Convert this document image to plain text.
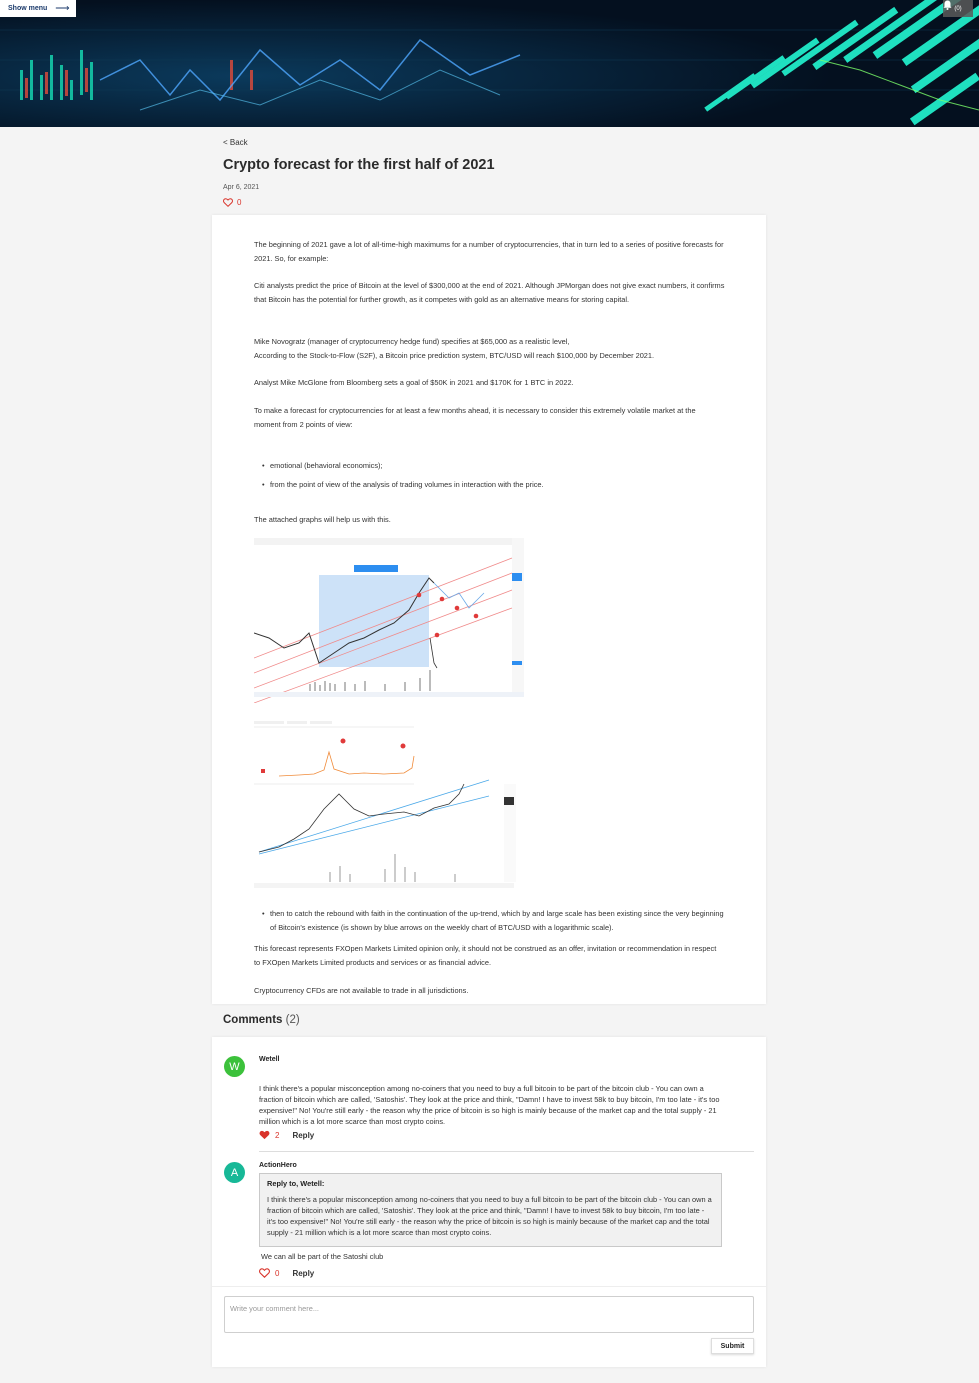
Show menu ⟶	(0)
< Back
Crypto forecast for the first half of 2021
Apr 6, 2021
0

The beginning of 2021 gave a lot of all-time-high maximums for a number of cryptocurrencies, that in turn led to a series of positive forecasts for 2021. So, for example:

Citi analysts predict the price of Bitcoin at the level of $300,000 at the end of 2021. Although JPMorgan does not give exact numbers, it confirms that Bitcoin has the potential for further growth, as it competes with gold as an alternative means for storing capital.

Mike Novogratz (manager of cryptocurrency hedge fund) specifies at $65,000 as a realistic level,

According to the Stock-to-Flow (S2F), a Bitcoin price prediction system, BTC/USD will reach $100,000 by December 2021.

Analyst Mike McGlone from Bloomberg sets a goal of $50K in 2021 and $170K for 1 BTC in 2022.

To make a forecast for cryptocurrencies for at least a few months ahead, it is necessary to consider this extremely volatile market at the moment from 2 points of view:

• emotional (behavioral economics);

• from the point of view of the analysis of trading volumes in interaction with the price.

The attached graphs will help us with this.

• then to catch the rebound with faith in the continuation of the up-trend, which by and large scale has been existing since the very beginning of Bitcoin's existence (is shown by blue arrows on the weekly chart of BTC/USD with a logarithmic scale).

This forecast represents FXOpen Markets Limited opinion only, it should not be construed as an offer, invitation or recommendation in respect to FXOpen Markets Limited products and services or as financial advice.

Cryptocurrency CFDs are not available to trade in all jurisdictions.

Comments (2)
W
Wetell

I think there's a popular misconception among no-coiners that you need to buy a full bitcoin to be part of the bitcoin club - You can own a fraction of bitcoin which are called, 'Satoshis'. They look at the price and think, "Damn! I have to invest 58k to buy bitcoin, I'm too late - it's too expensive!" No! You're still early - the reason why the price of bitcoin is so high is mainly because of the market cap and the total supply - 21 million which is a lot more scarce than most crypto coins.

2 Reply
A
ActionHero
Reply to, Wetell:

I think there's a popular misconception among no-coiners that you need to buy a full bitcoin to be part of the bitcoin club - You can own a fraction of bitcoin which are called, 'Satoshis'. They look at the price and think, "Damn! I have to invest 58k to buy bitcoin, I'm too late - it's too expensive!" No! You're still early - the reason why the price of bitcoin is so high is mainly because of the market cap and the total supply - 21 million which is a lot more scarce than most crypto coins.

We can all be part of the Satoshi club

0 Reply
Write your comment here...
Submit
